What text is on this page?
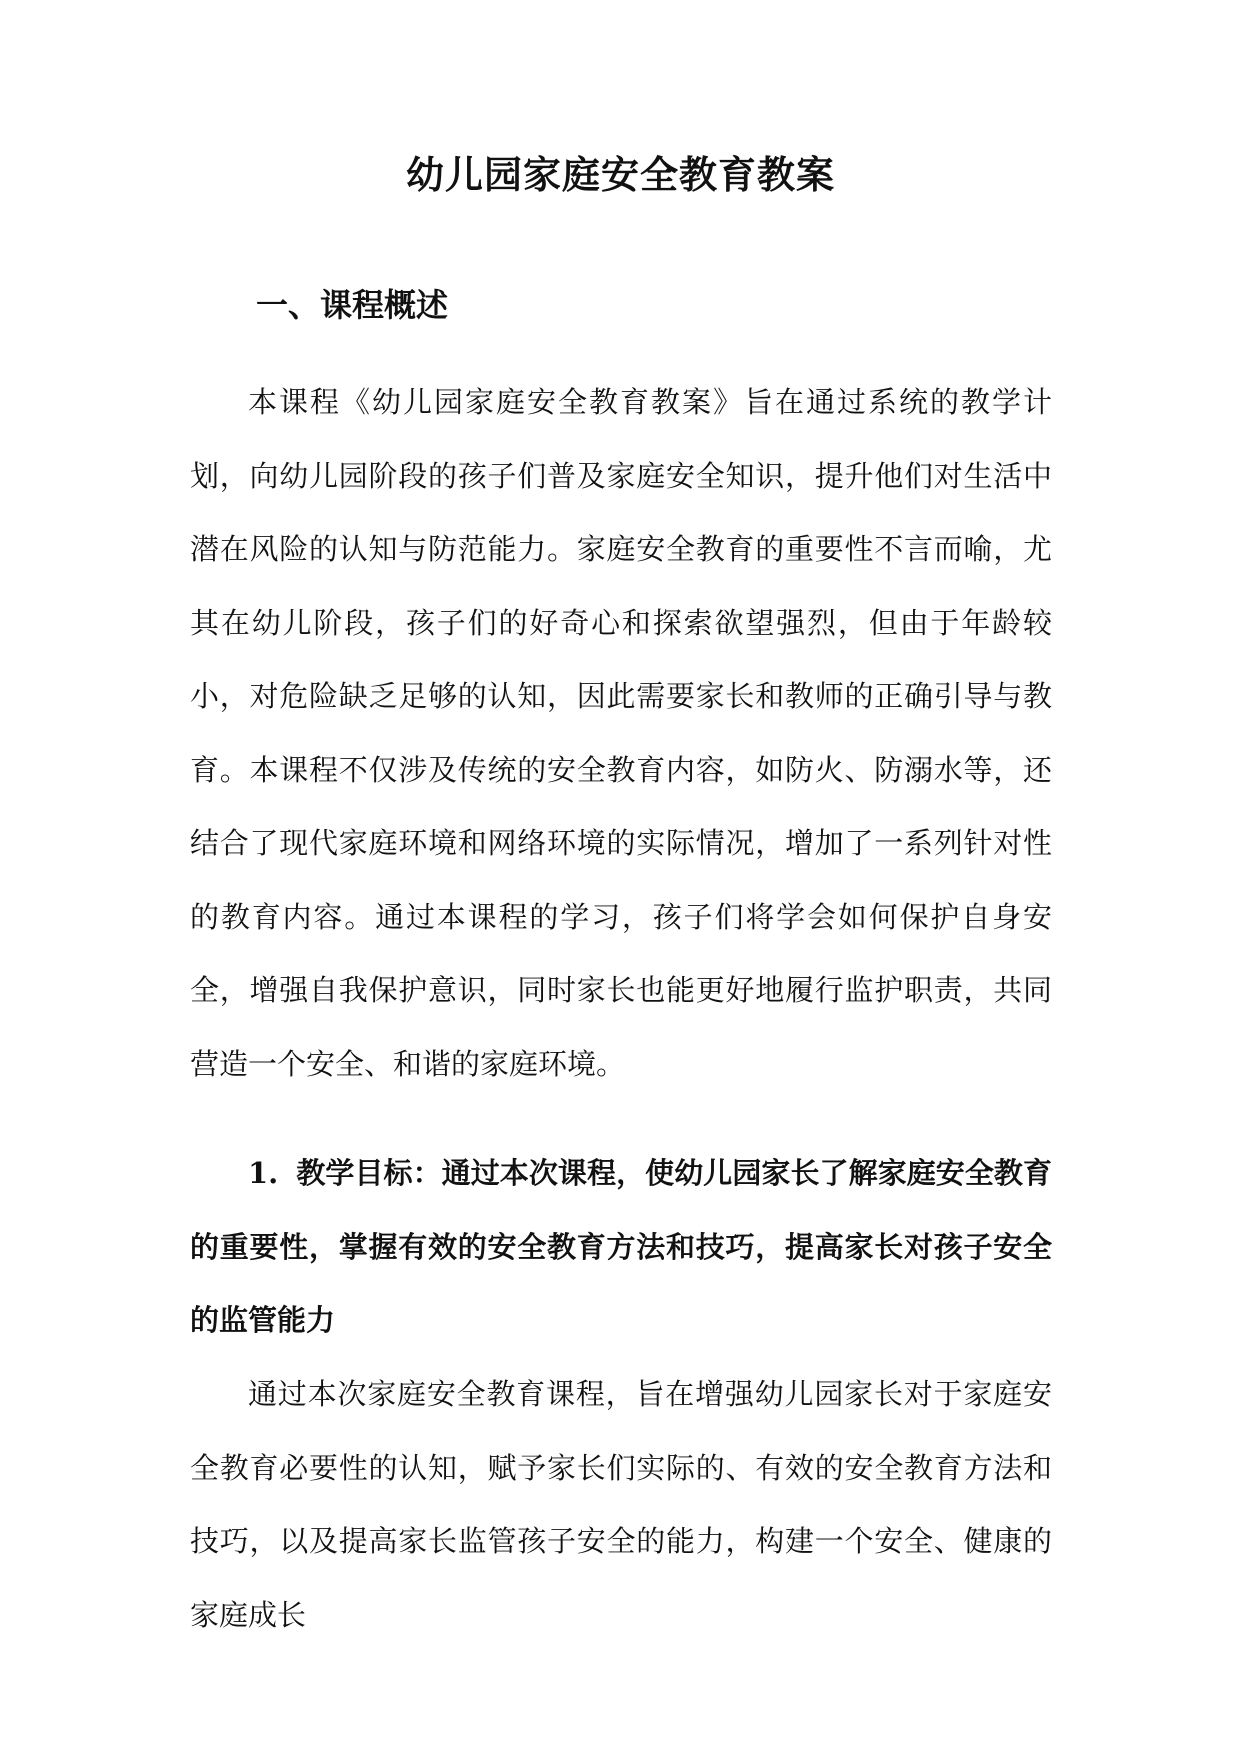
幼儿园家庭安全教育教案
一、课程概述

本课程《幼儿园家庭安全教育教案》旨在通过系统的教学计划，向幼儿园阶段的孩子们普及家庭安全知识，提升他们对生活中潜在风险的认知与防范能力。家庭安全教育的重要性不言而喻，尤其在幼儿阶段，孩子们的好奇心和探索欲望强烈，但由于年龄较小，对危险缺乏足够的认知，因此需要家长和教师的正确引导与教育。本课程不仅涉及传统的安全教育内容，如防火、防溺水等，还结合了现代家庭环境和网络环境的实际情况，增加了一系列针对性的教育内容。通过本课程的学习，孩子们将学会如何保护自身安全，增强自我保护意识，同时家长也能更好地履行监护职责，共同营造一个安全、和谐的家庭环境。

1. 教学目标：通过本次课程，使幼儿园家长了解家庭安全教育的重要性，掌握有效的安全教育方法和技巧，提高家长对孩子安全的监管能力

通过本次家庭安全教育课程，旨在增强幼儿园家长对于家庭安全教育必要性的认知，赋予家长们实际的、有效的安全教育方法和技巧，以及提高家长监管孩子安全的能力，构建一个安全、健康的家庭成长
